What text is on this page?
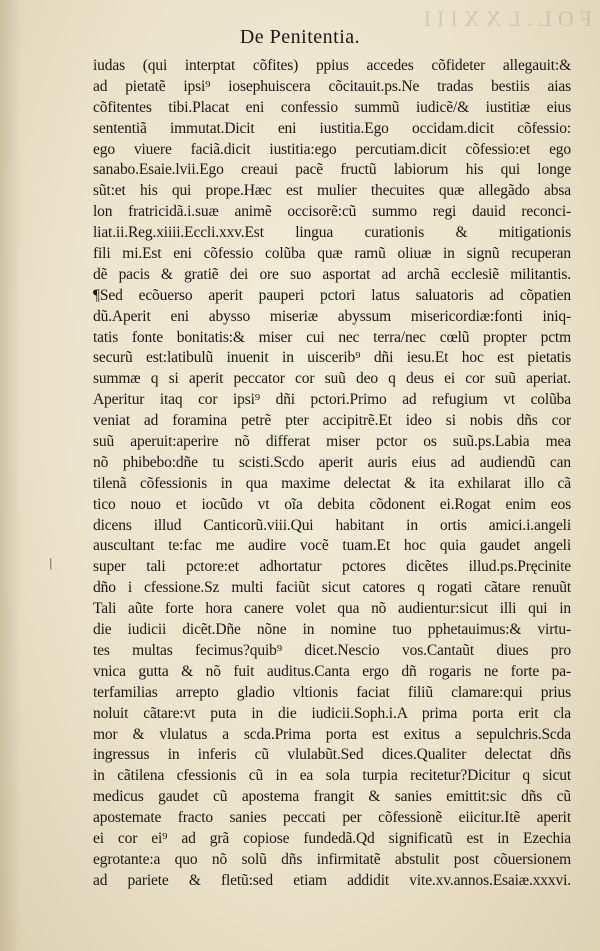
FOL.LXXIII
De Penitentia.
/
iudas (qui interptat cõfites) ppius accedes cõfideter allegauit:&
ad pietatẽ ipsi⁹ iosephuiscera cõcitauit.ps.Ne tradas bestiis aias
cõfitentes tibi.Placat eni confessio summũ iudicẽ/& iustitiæ eius
sententiã immutat.Dicit eni iustitia.Ego occidam.dicit cõfessio:
ego viuere faciã.dicit iustitia:ego percutiam.dicit cõfessio:et ego
sanabo.Esaie.lvii.Ego creaui pacẽ fructũ labiorum his qui longe
sũt:et his qui prope.Hæc est mulier thecuites quæ allegãdo absa
lon fratricidã.i.suæ animẽ occisorẽ:cũ summo regi dauid reconci-
liat.ii.Reg.xiiii.Eccli.xxv.Est lingua curationis & mitigationis
fili mi.Est eni cõfessio colũba quæ ramũ oliuæ in signũ recuperan
dẽ pacis & gratiẽ dei ore suo asportat ad archã ecclesiẽ militantis.
¶Sed ecõuerso aperit pauperi pctori latus saluatoris ad cõpatien
dũ.Aperit eni abysso miseriæ abyssum misericordiæ:fonti iniq-
tatis fonte bonitatis:& miser cui nec terra/nec cœlũ propter pctm
securũ est:latibulũ inuenit in uiscerib⁹ dñi iesu.Et hoc est pietatis
summæ q si aperit peccator cor suũ deo q deus ei cor suũ aperiat.
Aperitur itaq cor ipsi⁹ dñi pctori.Primo ad refugium vt colũba
veniat ad foramina petrẽ pter accipitrẽ.Et ideo si nobis dñs cor
suũ aperuit:aperire nõ differat miser pctor os suũ.ps.Labia mea
nõ phibebo:dñe tu scisti.Scdo aperit auris eius ad audiendũ can
tilenã cõfessionis in qua maxime delectat & ita exhilarat illo cã
tico nouo et iocũdo vt oĩa debita cõdonent ei.Rogat enim eos
dicens illud Canticorũ.viii.Qui habitant in ortis amici.i.angeli
auscultant te:fac me audire vocẽ tuam.Et hoc quia gaudet angeli
super tali pctore:et adhortatur pctores dicẽtes illud.ps.Pręcinite
dño i cfessione.Sz multi faciũt sicut catores q rogati cãtare renuũt
Tali aũte forte hora canere volet qua nõ audientur:sicut illi qui in
die iudicii dicẽt.Dñe nõne in nomine tuo pphetauimus:& virtu-
tes multas fecimus?quib⁹ dicet.Nescio vos.Cantaũt diues pro
vnica gutta & nõ fuit auditus.Canta ergo dñ rogaris ne forte pa-
terfamilias arrepto gladio vltionis faciat filiũ clamare:qui prius
noluit cãtare:vt puta in die iudicii.Soph.i.A prima porta erit cla
mor & vlulatus a scda.Prima porta est exitus a sepulchris.Scda
ingressus in inferis cũ vlulabũt.Sed dices.Qualiter delectat dñs
in cãtilena cfessionis cũ in ea sola turpia recitetur?Dicitur q sicut
medicus gaudet cũ apostema frangit & sanies emittit:sic dñs cũ
apostemate fracto sanies peccati per cõfessionẽ eiicitur.Itẽ aperit
ei cor ei⁹ ad grã copiose fundedã.Qd significatũ est in Ezechia
egrotante:a quo nõ solũ dñs infirmitatẽ abstulit post cõuersionem
ad pariete & fletũ:sed etiam addidit vite.xv.annos.Esaiæ.xxxvi.
